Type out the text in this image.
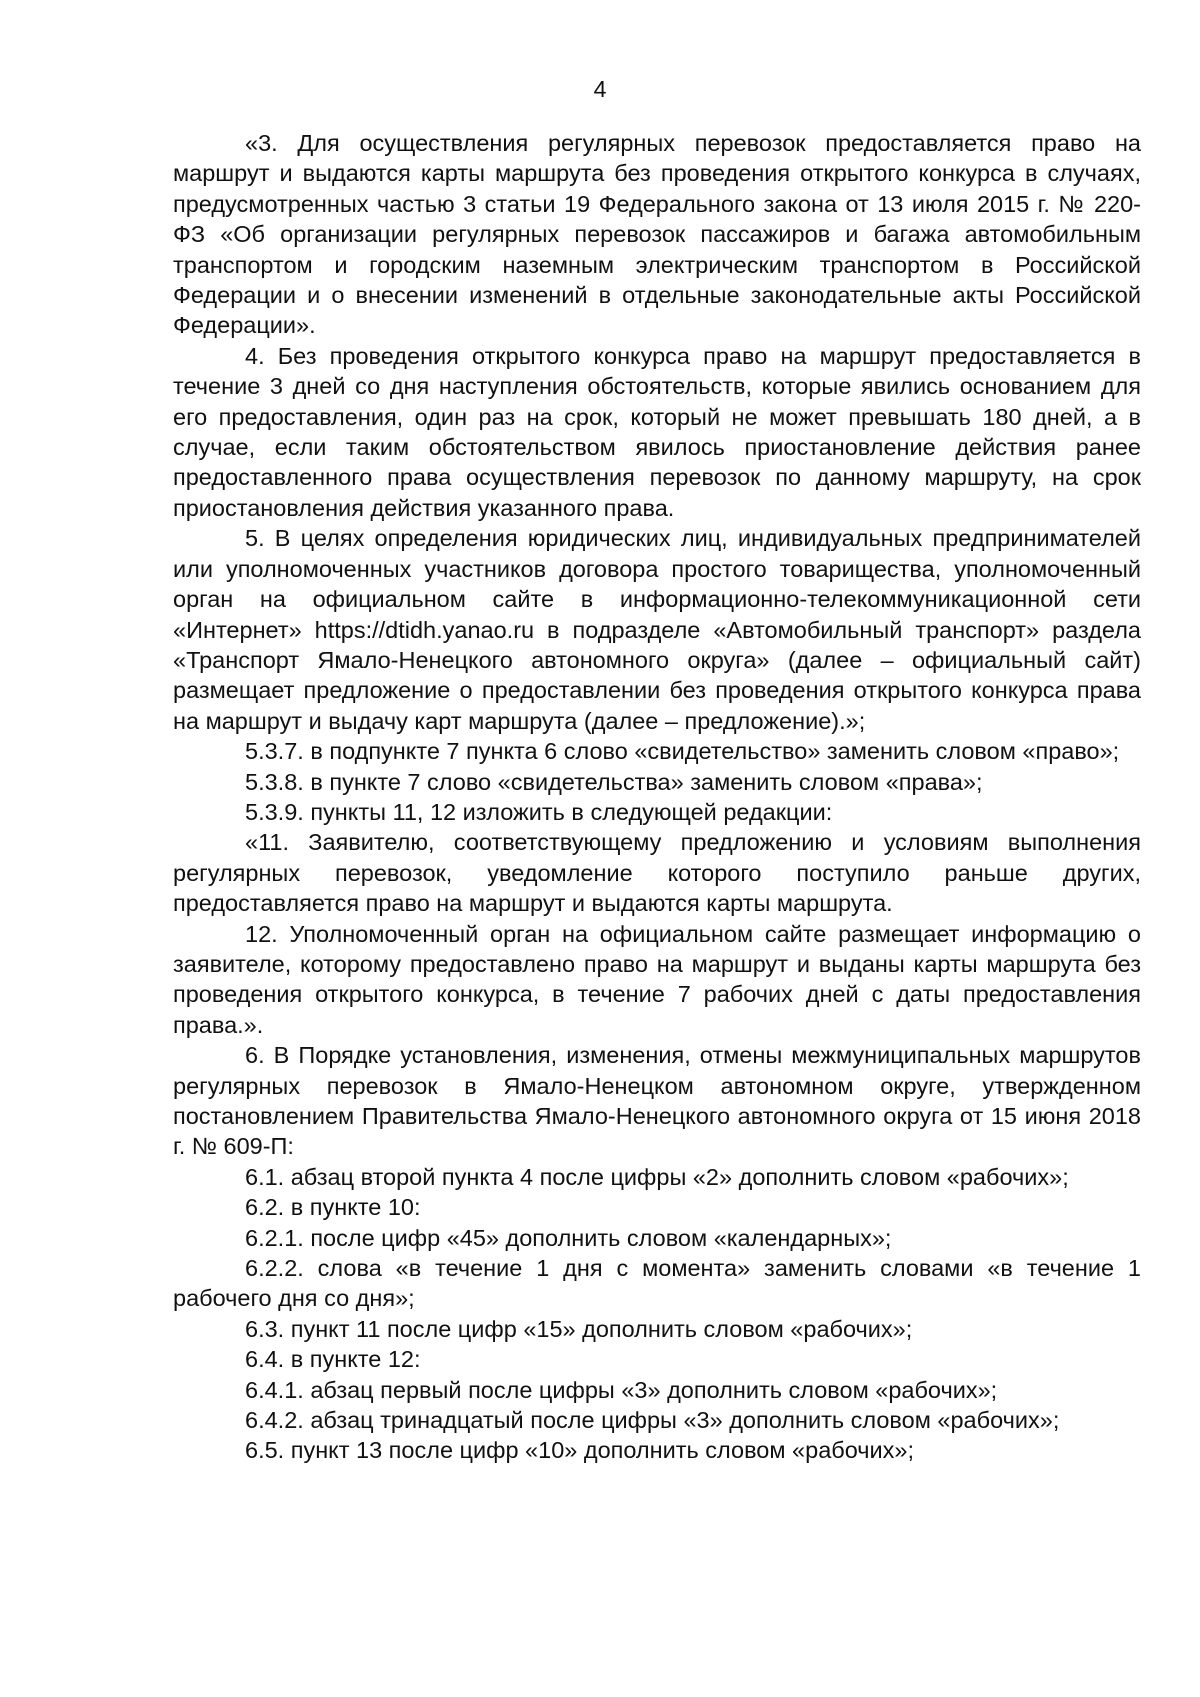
4

«3. Для осуществления регулярных перевозок предоставляется право на маршрут и выдаются карты маршрута без проведения открытого конкурса в случаях, предусмотренных частью 3 статьи 19 Федерального закона от 13 июля 2015 г. № 220-ФЗ «Об организации регулярных перевозок пассажиров и багажа автомобильным транспортом и городским наземным электрическим транспортом в Российской Федерации и о внесении изменений в отдельные законодательные акты Российской Федерации».

4. Без проведения открытого конкурса право на маршрут предоставляется в течение 3 дней со дня наступления обстоятельств, которые явились основанием для его предоставления, один раз на срок, который не может превышать 180 дней, а в случае, если таким обстоятельством явилось приостановление действия ранее предоставленного права осуществления перевозок по данному маршруту, на срок приостановления действия указанного права.

5. В целях определения юридических лиц, индивидуальных предпринимателей или уполномоченных участников договора простого товарищества, уполномоченный орган на официальном сайте в информационно-телекоммуникационной сети «Интернет» https://dtidh.yanao.ru в подразделе «Автомобильный транспорт» раздела «Транспорт Ямало-Ненецкого автономного округа» (далее – официальный сайт) размещает предложение о предоставлении без проведения открытого конкурса права на маршрут и выдачу карт маршрута (далее – предложение).»;

5.3.7. в подпункте 7 пункта 6 слово «свидетельство» заменить словом «право»;

5.3.8. в пункте 7 слово «свидетельства» заменить словом «права»;

5.3.9. пункты 11, 12 изложить в следующей редакции:

«11. Заявителю, соответствующему предложению и условиям выполнения регулярных перевозок, уведомление которого поступило раньше других, предоставляется право на маршрут и выдаются карты маршрута.

12. Уполномоченный орган на официальном сайте размещает информацию о заявителе, которому предоставлено право на маршрут и выданы карты маршрута без проведения открытого конкурса, в течение 7 рабочих дней с даты предоставления права.».

6. В Порядке установления, изменения, отмены межмуниципальных маршрутов регулярных перевозок в Ямало-Ненецком автономном округе, утвержденном постановлением Правительства Ямало-Ненецкого автономного округа от 15 июня 2018 г. № 609-П:

6.1. абзац второй пункта 4 после цифры «2» дополнить словом «рабочих»;

6.2. в пункте 10:

6.2.1. после цифр «45» дополнить словом «календарных»;

6.2.2. слова «в течение 1 дня с момента» заменить словами «в течение 1 рабочего дня со дня»;

6.3. пункт 11 после цифр «15» дополнить словом «рабочих»;

6.4. в пункте 12:

6.4.1. абзац первый после цифры «3» дополнить словом «рабочих»;

6.4.2. абзац тринадцатый после цифры «3» дополнить словом «рабочих»;

6.5. пункт 13 после цифр «10» дополнить словом «рабочих»;
